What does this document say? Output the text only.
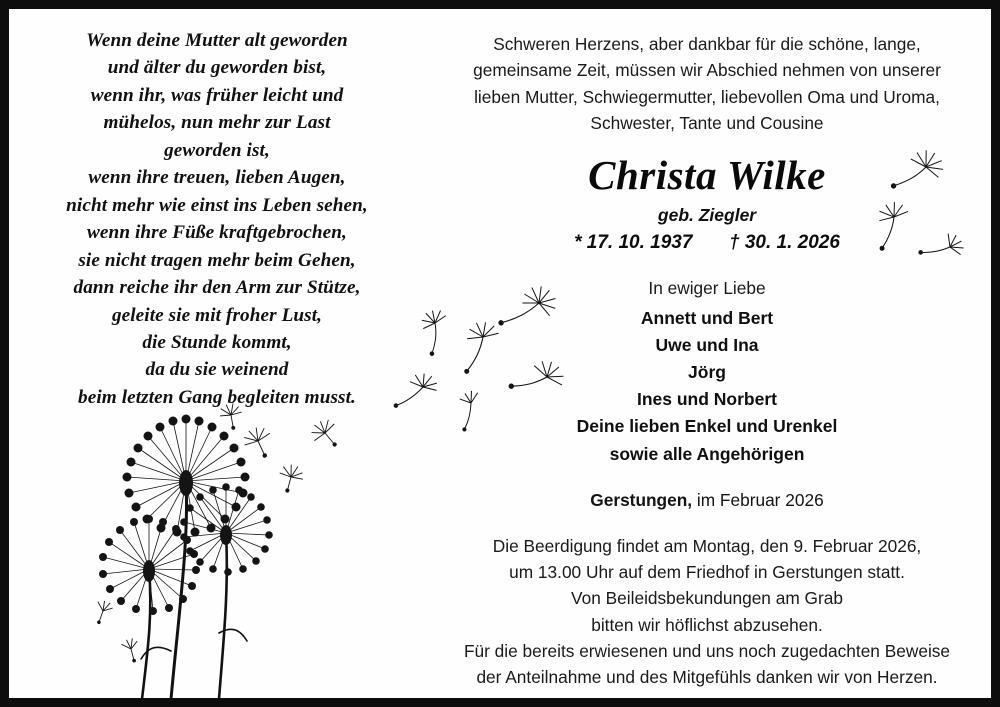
Wenn deine Mutter alt geworden
und älter du geworden bist,
wenn ihr, was früher leicht und
mühelos, nun mehr zur Last
geworden ist,
wenn ihre treuen, lieben Augen,
nicht mehr wie einst ins Leben sehen,
wenn ihre Füße kraftgebrochen,
sie nicht tragen mehr beim Gehen,
dann reiche ihr den Arm zur Stütze,
geleite sie mit froher Lust,
die Stunde kommt,
da du sie weinend
beim letzten Gang begleiten musst.
Schweren Herzens, aber dankbar für die schöne, lange,
gemeinsame Zeit, müssen wir Abschied nehmen von unserer
lieben Mutter, Schwiegermutter, liebevollen Oma und Uroma,
Schwester, Tante und Cousine
Christa Wilke
geb. Ziegler
* 17. 10. 1937 † 30. 1. 2026
In ewiger Liebe
Annett und Bert
Uwe und Ina
Jörg
Ines und Norbert
Deine lieben Enkel und Urenkel
sowie alle Angehörigen
Gerstungen, im Februar 2026
Die Beerdigung findet am Montag, den 9. Februar 2026,
um 13.00 Uhr auf dem Friedhof in Gerstungen statt.
Von Beileidsbekundungen am Grab
bitten wir höflichst abzusehen.
Für die bereits erwiesenen und uns noch zugedachten Beweise
der Anteilnahme und des Mitgefühls danken wir von Herzen.
